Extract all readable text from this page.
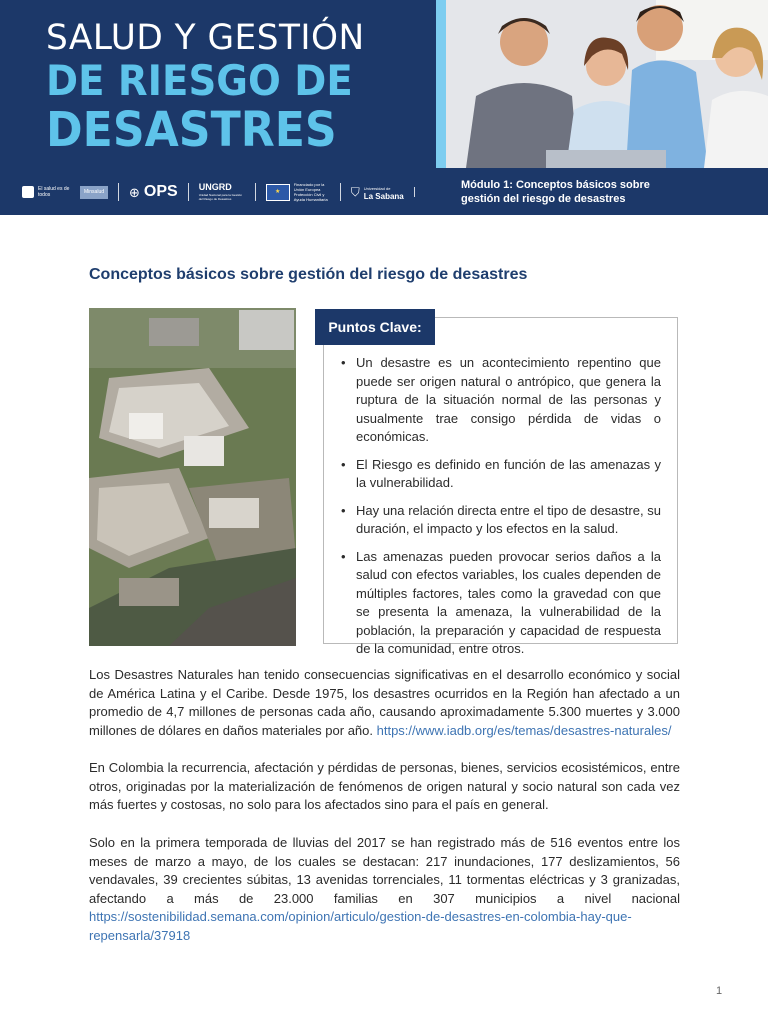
SALUD Y GESTIÓN
DE RIESGO DE
DESASTRES
El salud es de todos
Minsalud	⊕ OPS UNGRD
Unidad Nacional para la Gestión del Riesgo de Desastres
★
Financiado por la Unión Europea Protección Civil y Ayuda Humanitaria
⛉ Universidad de
La Sabana
Módulo 1: Conceptos básicos sobre gestión del riesgo de desastres
Conceptos básicos sobre gestión del riesgo de desastres
Puntos Clave:
• Un desastre es un acontecimiento repentino que puede ser origen natural o antrópico, que genera la ruptura de la situación normal de las personas y usualmente trae consigo pérdida de vidas o económicas.
• El Riesgo es definido en función de las amenazas y la vulnerabilidad.
• Hay una relación directa entre el tipo de desastre, su duración, el impacto y los efectos en la salud.
• Las amenazas pueden provocar serios daños a la salud con efectos variables, los cuales dependen de múltiples factores, tales como la gravedad con que se presenta la amenaza, la vulnerabilidad de la población, la preparación y capacidad de respuesta de la comunidad, entre otros.

Los Desastres Naturales han tenido consecuencias significativas en el desarrollo económico y social de América Latina y el Caribe. Desde 1975, los desastres ocurridos en la Región han afectado a un promedio de 4,7 millones de personas cada año, causando aproximadamente 5.300 muertes y 3.000 millones de dólares en daños materiales por año. https://www.iadb.org/es/temas/desastres-naturales/

En Colombia la recurrencia, afectación y pérdidas de personas, bienes, servicios ecosistémicos, entre otros, originadas por la materialización de fenómenos de origen natural y socio natural son cada vez más fuertes y costosas, no solo para los afectados sino para el país en general.

Solo en la primera temporada de lluvias del 2017 se han registrado más de 516 eventos entre los meses de marzo a mayo, de los cuales se destacan: 217 inundaciones, 177 deslizamientos, 56 vendavales, 39 crecientes súbitas, 13 avenidas torrenciales, 11 tormentas eléctricas y 3 granizadas, afectando a más de 23.000 familias en 307 municipios a nivel nacional https://sostenibilidad.semana.com/opinion/articulo/gestion-de-desastres-en-colombia-hay-que-repensarla/37918

1
